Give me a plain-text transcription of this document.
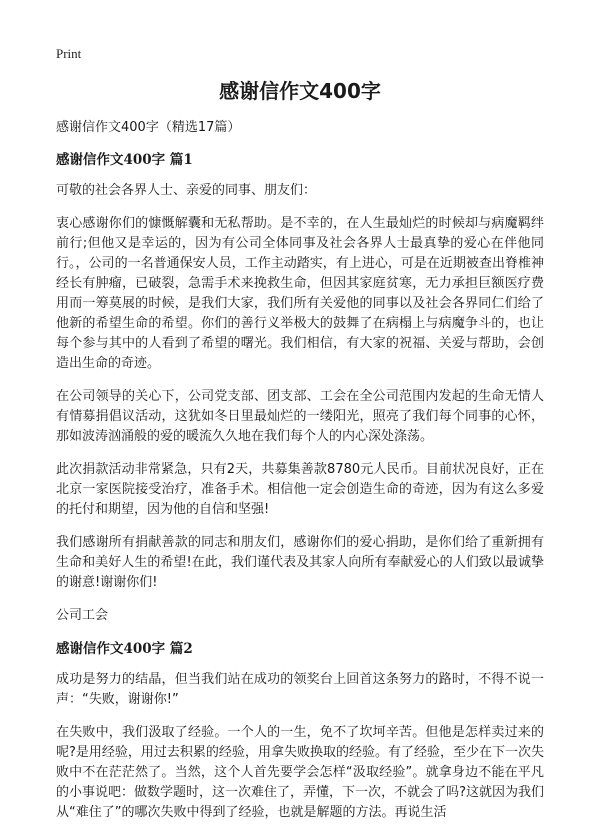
Print
感谢信作文400字

感谢信作文400字（精选17篇）

感谢信作文400字 篇1

可敬的社会各界人士、亲爱的同事、朋友们：

衷心感谢你们的慷慨解囊和无私帮助。是不幸的，在人生最灿烂的时候却与病魔羁绊前行;但他又是幸运的，因为有公司全体同事及社会各界人士最真挚的爱心在伴他同行。，公司的一名普通保安人员，工作主动踏实，有上进心，可是在近期被查出脊椎神经长有肿瘤，已破裂，急需手术来挽救生命，但因其家庭贫寒，无力承担巨额医疗费用而一筹莫展的时候，是我们大家，我们所有关爱他的同事以及社会各界同仁们给了他新的希望生命的希望。你们的善行义举极大的鼓舞了在病榻上与病魔争斗的，也让每个参与其中的人看到了希望的曙光。我们相信，有大家的祝福、关爱与帮助，会创造出生命的奇迹。

在公司领导的关心下，公司党支部、团支部、工会在全公司范围内发起的生命无情人有情募捐倡议活动，这犹如冬日里最灿烂的一缕阳光，照亮了我们每个同事的心怀，那如波涛汹涌般的爱的暖流久久地在我们每个人的内心深处涤荡。

此次捐款活动非常紧急，只有2天，共募集善款8780元人民币。目前状况良好，正在北京一家医院接受治疗，准备手术。相信他一定会创造生命的奇迹，因为有这么多爱的托付和期望，因为他的自信和坚强!

我们感谢所有捐献善款的同志和朋友们，感谢你们的爱心捐助，是你们给了重新拥有生命和美好人生的希望!在此，我们谨代表及其家人向所有奉献爱心的人们致以最诚挚的谢意!谢谢你们!

公司工会

感谢信作文400字 篇2

成功是努力的结晶，但当我们站在成功的领奖台上回首这条努力的路时，不得不说一声：“失败，谢谢你!”

在失败中，我们汲取了经验。一个人的一生，免不了坎坷辛苦。但他是怎样卖过来的呢?是用经验，用过去积累的经验，用拿失败换取的经验。有了经验，至少在下一次失败中不在茫茫然了。当然，这个人首先要学会怎样“汲取经验”。就拿身边不能在平凡的小事说吧：做数学题时，这一次难住了，弄懂，下一次，不就会了吗?这就因为我们从“难住了”的哪次失败中得到了经验，也就是解题的方法。再说生活
